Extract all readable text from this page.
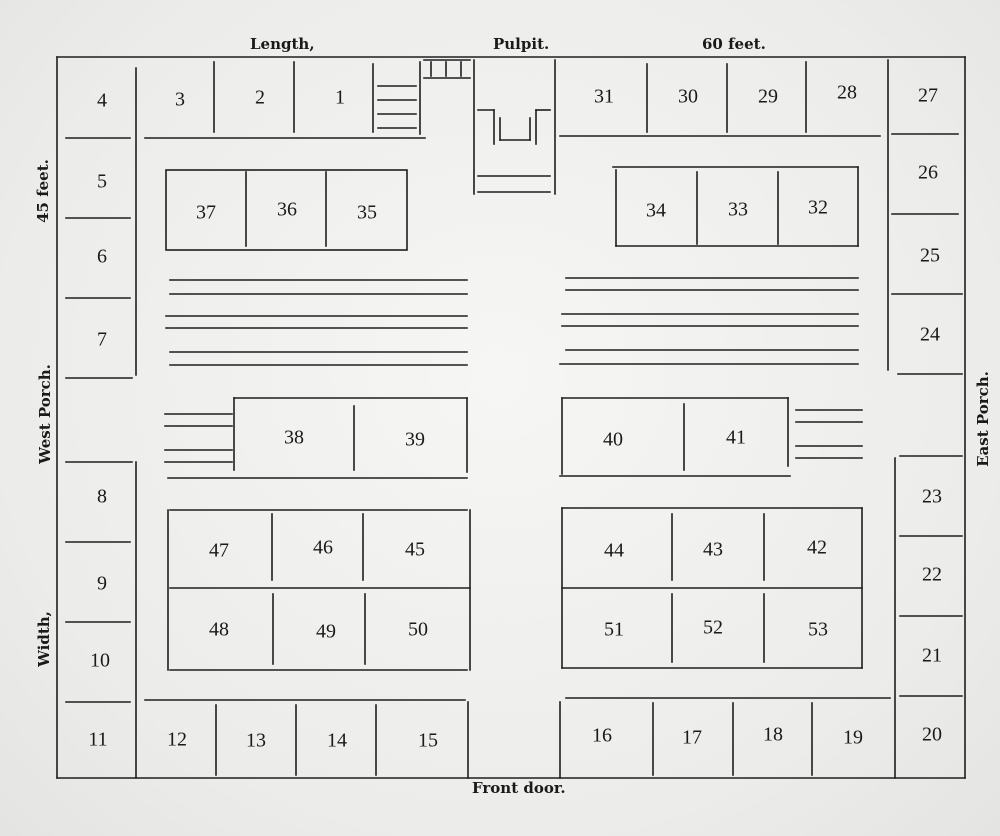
Length,	Pulpit.	60 feet.
45 feet.
West Porch.
Width,
East Porch.
Front door.
1
2
3
4
5
6
7
8
9
10
11	12	13	14	15	16	17	18	19	20
21
22
23
24
25
26
27
28
29
30
31
32
33
34
35
36
37
38	39	40	41
42
43
44
45
46
47
48	49	50	51	52	53
